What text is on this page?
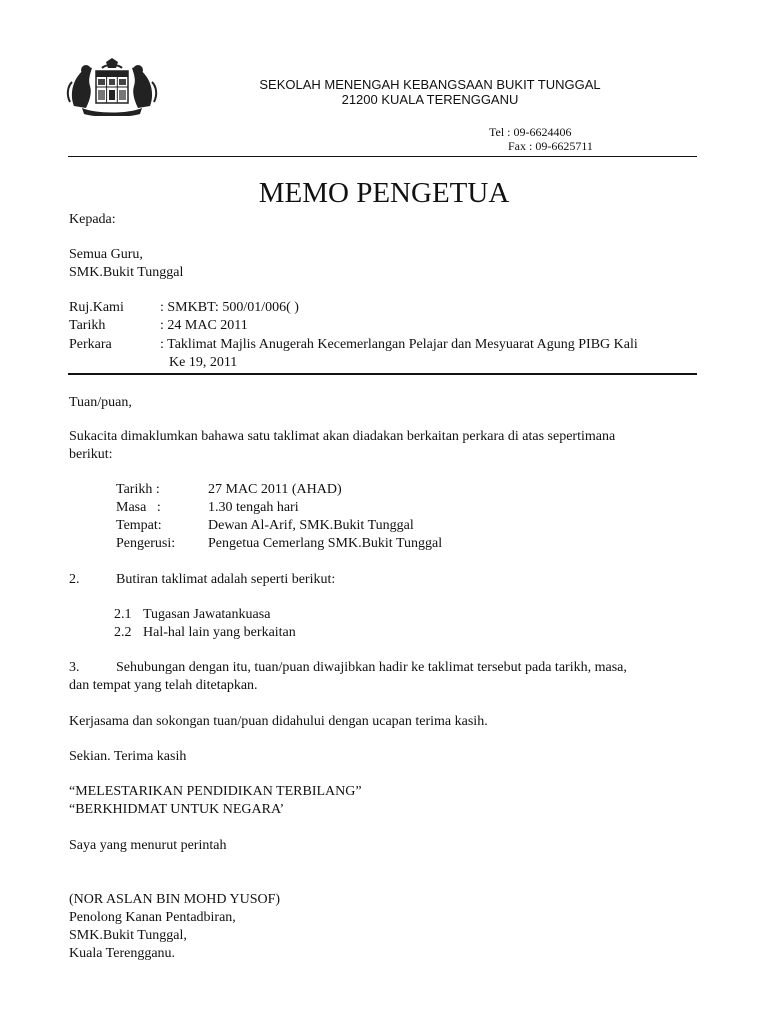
SEKOLAH MENENGAH KEBANGSAAN BUKIT TUNGGAL
21200 KUALA TERENGGANU
Tel : 09-6624406
Fax : 09-6625711
MEMO PENGETUA
Kepada:
Semua Guru,
SMK.Bukit Tunggal
Ruj.Kami	: SMKBT: 500/01/006( )
Tarikh	: 24 MAC 2011
Perkara	: Taklimat Majlis Anugerah Kecemerlangan Pelajar dan Mesyuarat Agung PIBG Kali
Ke 19, 2011
Tuan/puan,
Sukacita dimaklumkan bahawa satu taklimat akan diadakan berkaitan perkara di atas sepertimana
berikut:
Tarikh :	27 MAC 2011 (AHAD)
Masa   :	1.30 tengah hari
Tempat:	Dewan Al-Arif, SMK.Bukit Tunggal
Pengerusi: Pengetua Cemerlang SMK.Bukit Tunggal
2.	Butiran taklimat adalah seperti berikut:
2.1 Tugasan Jawatankuasa
2.2 Hal-hal lain yang berkaitan
3.	Sehubungan dengan itu, tuan/puan diwajibkan hadir ke taklimat tersebut pada tarikh, masa,
dan tempat yang telah ditetapkan.
Kerjasama dan sokongan tuan/puan didahului dengan ucapan terima kasih.
Sekian. Terima kasih
“MELESTARIKAN PENDIDIKAN TERBILANG”
“BERKHIDMAT UNTUK NEGARA’
Saya yang menurut perintah
(NOR ASLAN BIN MOHD YUSOF)
Penolong Kanan Pentadbiran,
SMK.Bukit Tunggal,
Kuala Terengganu.
